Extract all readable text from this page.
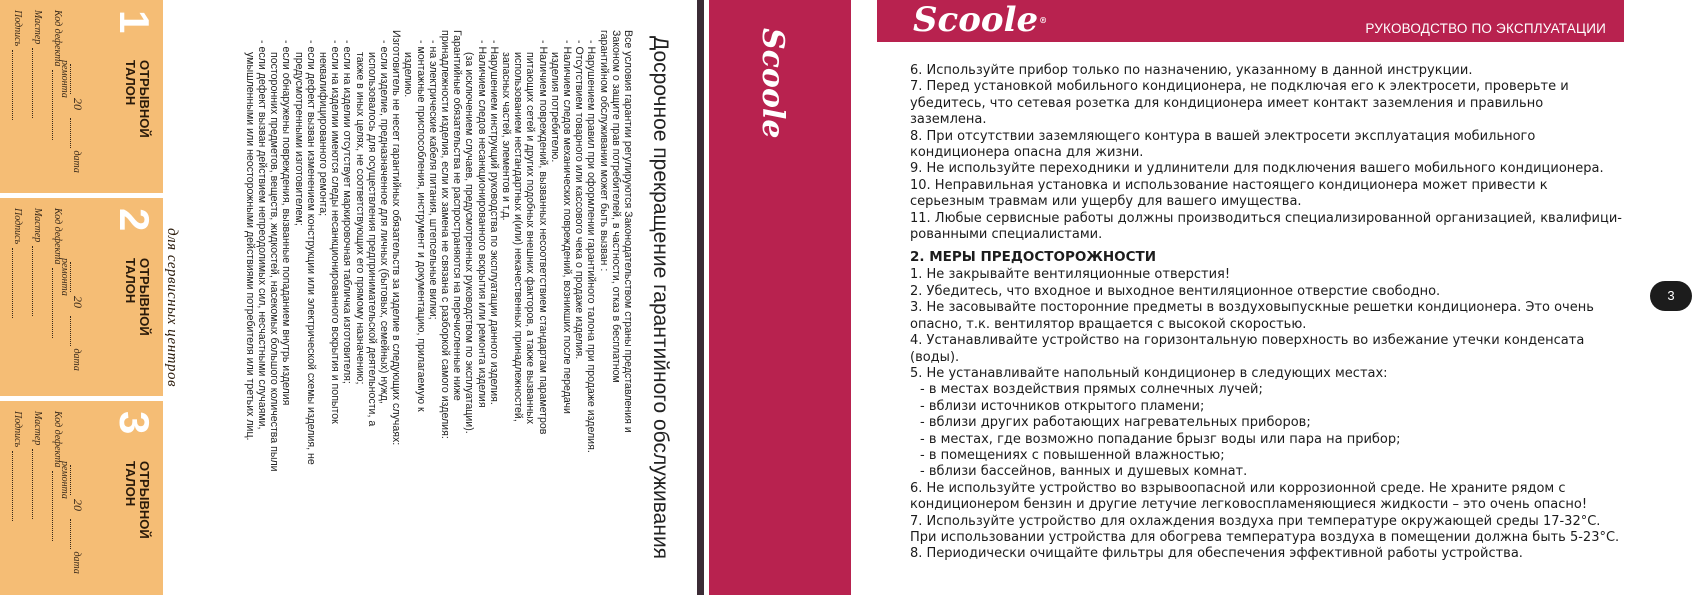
1
ОТРЫВНОЙ ТАЛОН
20 дата ремонта
Код дефекта
Мастер
Подпись
2
ОТРЫВНОЙ ТАЛОН
20 дата ремонта
Код дефекта
Мастер
Подпись
3
ОТРЫВНОЙ ТАЛОН
20 дата ремонта
Код дефекта
Мастер
Подпись
для сервисных центров	Досрочное прекращение гарантийного обслуживания

Все условия гарантии регулируются Законодательством страны представления и

Законом о защите прав потребителей, в частности, отказ в бесплатном

гарантийном обслуживании может быть вызван :

- Нарушением правил при оформлении гарантийного талона при продаже изделия.

- Отсутствием товарного или кассового чека о продаже изделия.

- Наличием следов механических повреждений, возникших после передачи

изделия потребителю.

- Наличием повреждений, вызванных несоответствием стандартам параметров

питающих сетей и других подобных внешних факторов, а также вызванных

использованием нестандартных и(или) некачественных принадлежностей,

запасных частей, элементов и т.д.

- Нарушением инструкций руководства по эксплуатации данного изделия.

- Наличием следов несанкционированного вскрытия или ремонта изделия

(за исключением случаев, предусмотренных руководством по эксплуатации).

Гарантийные обязательства не распространяются на перечисленные ниже

принадлежности изделия, если их замена не связана с разборкой самого изделия:

- на электрические кабеля питания, штепсельные вилки;

- монтажные приспособления, инструмент и документацию, прилагаемую к

изделию.

Изготовитель не несет гарантийных обязательств за изделие в следующих случаях:

- если изделие, предназначенное для личных (бытовых, семейных) нужд,

использовалось для осуществления предпринимательской деятельности, а

также в иных целях, не соответствующих его прямому назначению;

- если на изделии отсутствует маркировочная табличка изготовителя;

- если на изделии имеются следы несанкционированного вскрытия и попыток

неквалифицированного ремонта;

- если дефект вызван изменением конструкции или электрической схемы изделия, не

предусмотренными изготовителем;

- если обнаружены повреждения, вызванные попаданием внутрь изделия

посторонних предметов, веществ, жидкостей, насекомых большого количества пыли

- если дефект вызван действием непреодолимых сил, несчастными случаями,

умышленными или неосторожными действиями потребителя или третьих лиц.	Scoole
Scoole®
РУКОВОДСТВО ПО ЭКСПЛУАТАЦИИ

6. Используйте прибор только по назначению, указанному в данной инструкции.

7. Перед установкой мобильного кондиционера, не подключая его к электросети, проверьте и убедитесь, что сетевая розетка для кондиционера имеет контакт заземления и правильно заземлена.

8. При отсутствии заземляющего контура в вашей электросети эксплуатация мобильного кондиционера опасна для жизни.

9. Не используйте переходники и удлинители для подключения вашего мобильного кондиционера.

10. Неправильная установка и использование настоящего кондиционера может привести к серьезным травмам или ущербу для вашего имущества.

11. Любые сервисные работы должны производиться специализированной организацией, квалифици-рованными специалистами.

2. МЕРЫ ПРЕДОСТОРОЖНОСТИ

1. Не закрывайте вентиляционные отверстия!

2. Убедитесь, что входное и выходное вентиляционное отверстие свободно.

3. Не засовывайте посторонние предметы в воздуховыпускные решетки кондиционера. Это очень опасно, т.к. вентилятор вращается с высокой скоростью.

4. Устанавливайте устройство на горизонтальную поверхность во избежание утечки конденсата (воды).

5. Не устанавливайте напольный кондиционер в следующих местах:

- в местах воздействия прямых солнечных лучей;

- вблизи источников открытого пламени;

- вблизи других работающих нагревательных приборов;

- в местах, где возможно попадание брызг воды или пара на прибор;

- в помещениях с повышенной влажностью;

- вблизи бассейнов, ванных и душевых комнат.

6. Не используйте устройство во взрывоопасной или коррозионной среде. Не храните рядом с кондиционером бензин и другие летучие легковоспламеняющиеся жидкости – это очень опасно!

7. Используйте устройство для охлаждения воздуха при температуре окружающей среды 17-32°С. При использовании устройства для обогрева температура воздуха в помещении должна быть 5-23°С.

8. Периодически очищайте фильтры для обеспечения эффективной работы устройства.

3
